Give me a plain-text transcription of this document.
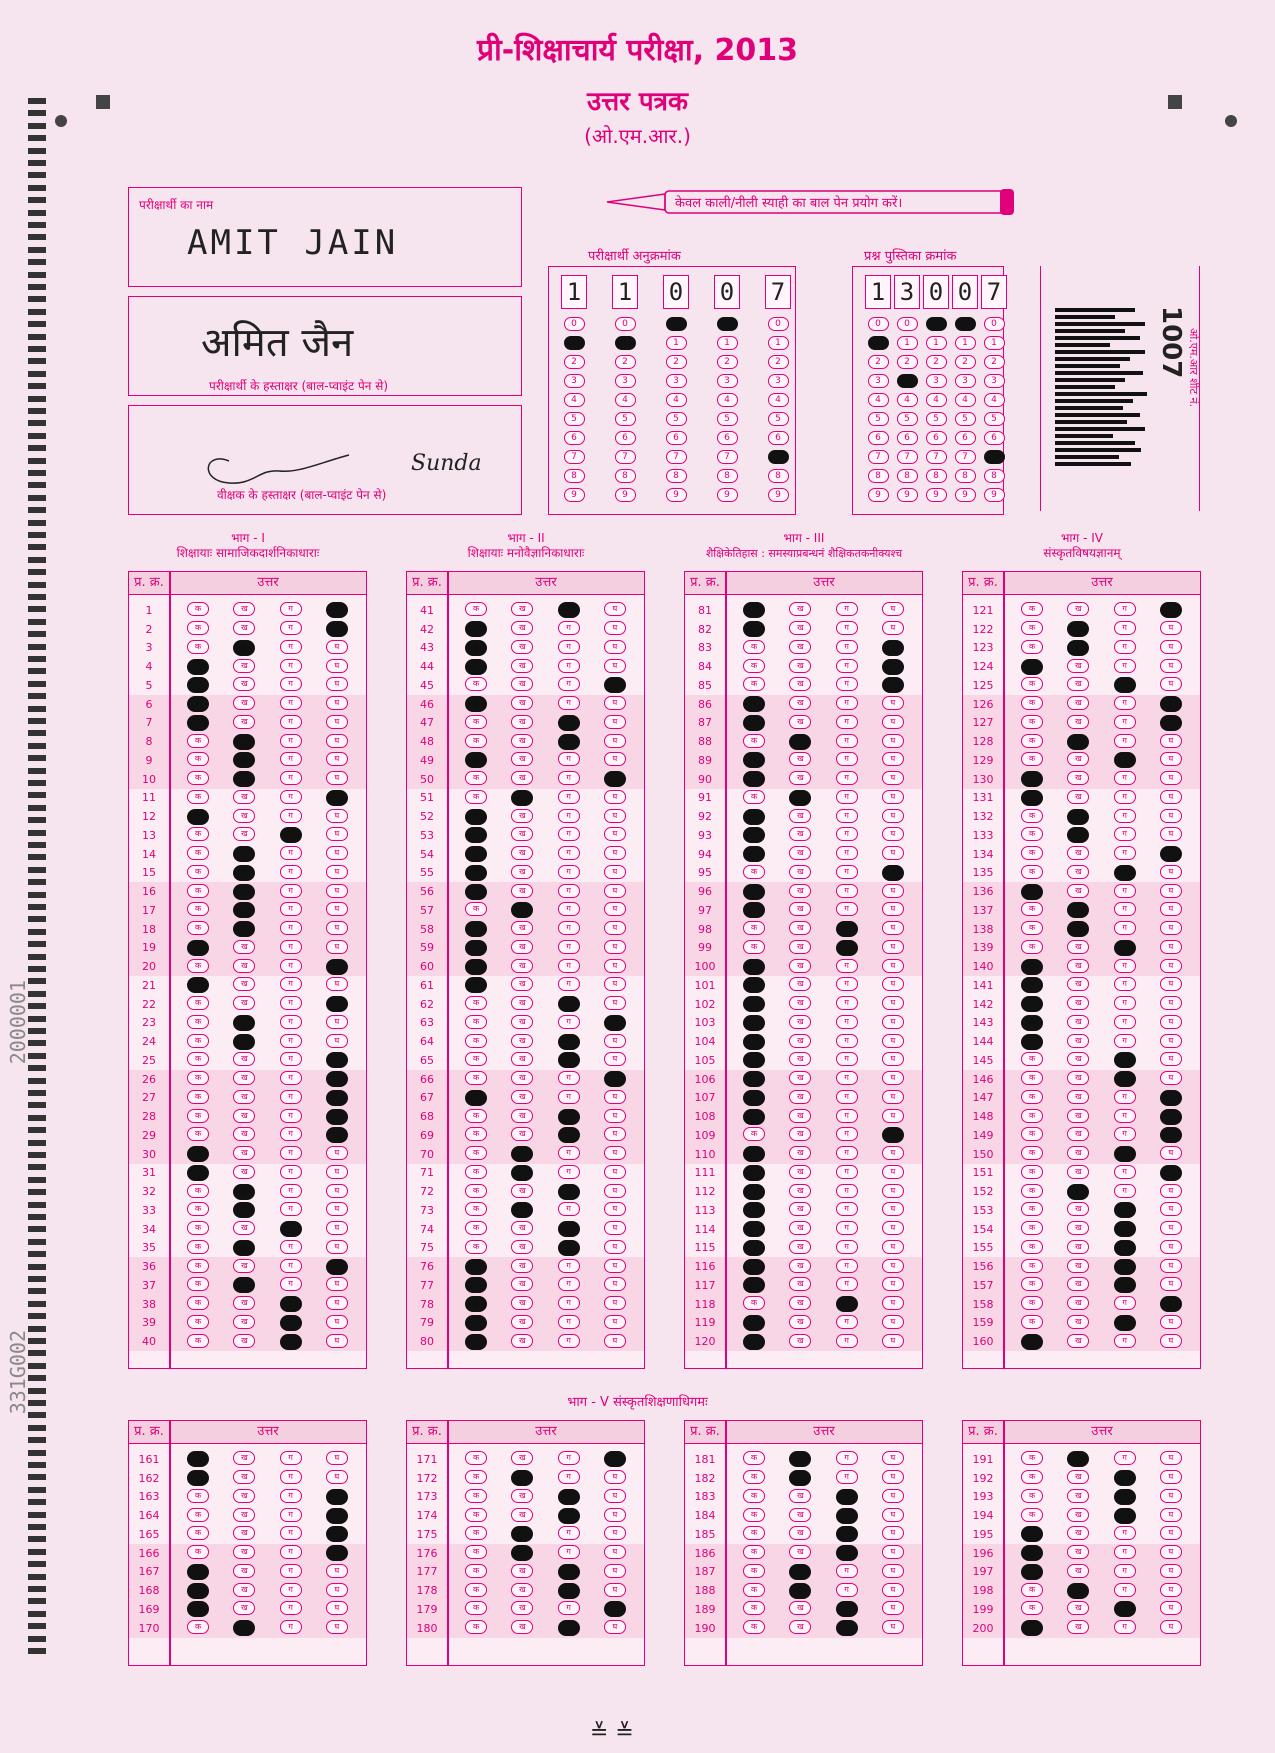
प्री-शिक्षाचार्य परीक्षा, 2013
उत्तर पत्रक
(ओ.एम.आर.)
केवल काली/नीली स्याही का बाल पेन प्रयोग करें।
परीक्षार्थी का नाम
AMIT JAIN
अमित जैन
परीक्षार्थी के हस्ताक्षर (बाल-प्वाइंट पेन से)
Sunda
वीक्षक के हस्ताक्षर (बाल-प्वाइंट पेन से)
परीक्षार्थी अनुक्रमांक
1
0
1
2
3
4
5
6
7
8
9
1
0
1
2
3
4
5
6
7
8
9
0
0
1
2
3
4
5
6
7
8
9
0
0
1
2
3
4
5
6
7
8
9
7
0
1
2
3
4
5
6
7
8
9
प्रश्न पुस्तिका क्रमांक
1
0
1
2
3
4
5
6
7
8
9
3
0
1
2
3
4
5
6
7
8
9
0
0
1
2
3
4
5
6
7
8
9
0
0
1
2
3
4
5
6
7
8
9
7
0
1
2
3
4
5
6
7
8
9
1007 ओ.एम.आर शीट नं.
2000001
331G002
भाग - I
शिक्षायाः सामाजिकदार्शनिकाधाराः
प्र. क्र.	उत्तर
1	क	ख	ग	घ
2	क	ख	ग	घ
3	क	ख	ग	घ
4	क	ख	ग	घ
5	क	ख	ग	घ
6	क	ख	ग	घ
7	क	ख	ग	घ
8	क	ख	ग	घ
9	क	ख	ग	घ
10	क	ख	ग	घ
11	क	ख	ग	घ
12	क	ख	ग	घ
13	क	ख	ग	घ
14	क	ख	ग	घ
15	क	ख	ग	घ
16	क	ख	ग	घ
17	क	ख	ग	घ
18	क	ख	ग	घ
19	क	ख	ग	घ
20	क	ख	ग	घ
21	क	ख	ग	घ
22	क	ख	ग	घ
23	क	ख	ग	घ
24	क	ख	ग	घ
25	क	ख	ग	घ
26	क	ख	ग	घ
27	क	ख	ग	घ
28	क	ख	ग	घ
29	क	ख	ग	घ
30	क	ख	ग	घ
31	क	ख	ग	घ
32	क	ख	ग	घ
33	क	ख	ग	घ
34	क	ख	ग	घ
35	क	ख	ग	घ
36	क	ख	ग	घ
37	क	ख	ग	घ
38	क	ख	ग	घ
39	क	ख	ग	घ
40	क	ख	ग	घ
भाग - II
शिक्षायाः मनोवैज्ञानिकाधाराः
प्र. क्र.	उत्तर
41	क	ख	ग	घ
42	क	ख	ग	घ
43	क	ख	ग	घ
44	क	ख	ग	घ
45	क	ख	ग	घ
46	क	ख	ग	घ
47	क	ख	ग	घ
48	क	ख	ग	घ
49	क	ख	ग	घ
50	क	ख	ग	घ
51	क	ख	ग	घ
52	क	ख	ग	घ
53	क	ख	ग	घ
54	क	ख	ग	घ
55	क	ख	ग	घ
56	क	ख	ग	घ
57	क	ख	ग	घ
58	क	ख	ग	घ
59	क	ख	ग	घ
60	क	ख	ग	घ
61	क	ख	ग	घ
62	क	ख	ग	घ
63	क	ख	ग	घ
64	क	ख	ग	घ
65	क	ख	ग	घ
66	क	ख	ग	घ
67	क	ख	ग	घ
68	क	ख	ग	घ
69	क	ख	ग	घ
70	क	ख	ग	घ
71	क	ख	ग	घ
72	क	ख	ग	घ
73	क	ख	ग	घ
74	क	ख	ग	घ
75	क	ख	ग	घ
76	क	ख	ग	घ
77	क	ख	ग	घ
78	क	ख	ग	घ
79	क	ख	ग	घ
80	क	ख	ग	घ
भाग - III
शैक्षिकेतिहास : समस्याप्रबन्धनं शैक्षिकतकनीक्यश्च
प्र. क्र.	उत्तर
81	क	ख	ग	घ
82	क	ख	ग	घ
83	क	ख	ग	घ
84	क	ख	ग	घ
85	क	ख	ग	घ
86	क	ख	ग	घ
87	क	ख	ग	घ
88	क	ख	ग	घ
89	क	ख	ग	घ
90	क	ख	ग	घ
91	क	ख	ग	घ
92	क	ख	ग	घ
93	क	ख	ग	घ
94	क	ख	ग	घ
95	क	ख	ग	घ
96	क	ख	ग	घ
97	क	ख	ग	घ
98	क	ख	ग	घ
99	क	ख	ग	घ
100	क	ख	ग	घ
101	क	ख	ग	घ
102	क	ख	ग	घ
103	क	ख	ग	घ
104	क	ख	ग	घ
105	क	ख	ग	घ
106	क	ख	ग	घ
107	क	ख	ग	घ
108	क	ख	ग	घ
109	क	ख	ग	घ
110	क	ख	ग	घ
111	क	ख	ग	घ
112	क	ख	ग	घ
113	क	ख	ग	घ
114	क	ख	ग	घ
115	क	ख	ग	घ
116	क	ख	ग	घ
117	क	ख	ग	घ
118	क	ख	ग	घ
119	क	ख	ग	घ
120	क	ख	ग	घ
भाग - IV
संस्कृतविषयज्ञानम्
प्र. क्र.	उत्तर
121	क	ख	ग	घ
122	क	ख	ग	घ
123	क	ख	ग	घ
124	क	ख	ग	घ
125	क	ख	ग	घ
126	क	ख	ग	घ
127	क	ख	ग	घ
128	क	ख	ग	घ
129	क	ख	ग	घ
130	क	ख	ग	घ
131	क	ख	ग	घ
132	क	ख	ग	घ
133	क	ख	ग	घ
134	क	ख	ग	घ
135	क	ख	ग	घ
136	क	ख	ग	घ
137	क	ख	ग	घ
138	क	ख	ग	घ
139	क	ख	ग	घ
140	क	ख	ग	घ
141	क	ख	ग	घ
142	क	ख	ग	घ
143	क	ख	ग	घ
144	क	ख	ग	घ
145	क	ख	ग	घ
146	क	ख	ग	घ
147	क	ख	ग	घ
148	क	ख	ग	घ
149	क	ख	ग	घ
150	क	ख	ग	घ
151	क	ख	ग	घ
152	क	ख	ग	घ
153	क	ख	ग	घ
154	क	ख	ग	घ
155	क	ख	ग	घ
156	क	ख	ग	घ
157	क	ख	ग	घ
158	क	ख	ग	घ
159	क	ख	ग	घ
160	क	ख	ग	घ
भाग - V संस्कृतशिक्षणाधिगमः
प्र. क्र.	उत्तर
161	क	ख	ग	घ
162	क	ख	ग	घ
163	क	ख	ग	घ
164	क	ख	ग	घ
165	क	ख	ग	घ
166	क	ख	ग	घ
167	क	ख	ग	घ
168	क	ख	ग	घ
169	क	ख	ग	घ
170	क	ख	ग	घ
प्र. क्र.	उत्तर
171	क	ख	ग	घ
172	क	ख	ग	घ
173	क	ख	ग	घ
174	क	ख	ग	घ
175	क	ख	ग	घ
176	क	ख	ग	घ
177	क	ख	ग	घ
178	क	ख	ग	घ
179	क	ख	ग	घ
180	क	ख	ग	घ
प्र. क्र.	उत्तर
181	क	ख	ग	घ
182	क	ख	ग	घ
183	क	ख	ग	घ
184	क	ख	ग	घ
185	क	ख	ग	घ
186	क	ख	ग	घ
187	क	ख	ग	घ
188	क	ख	ग	घ
189	क	ख	ग	घ
190	क	ख	ग	घ
प्र. क्र.	उत्तर
191	क	ख	ग	घ
192	क	ख	ग	घ
193	क	ख	ग	घ
194	क	ख	ग	घ
195	क	ख	ग	घ
196	क	ख	ग	घ
197	क	ख	ग	घ
198	क	ख	ग	घ
199	क	ख	ग	घ
200	क	ख	ग	घ
≚ ≚
